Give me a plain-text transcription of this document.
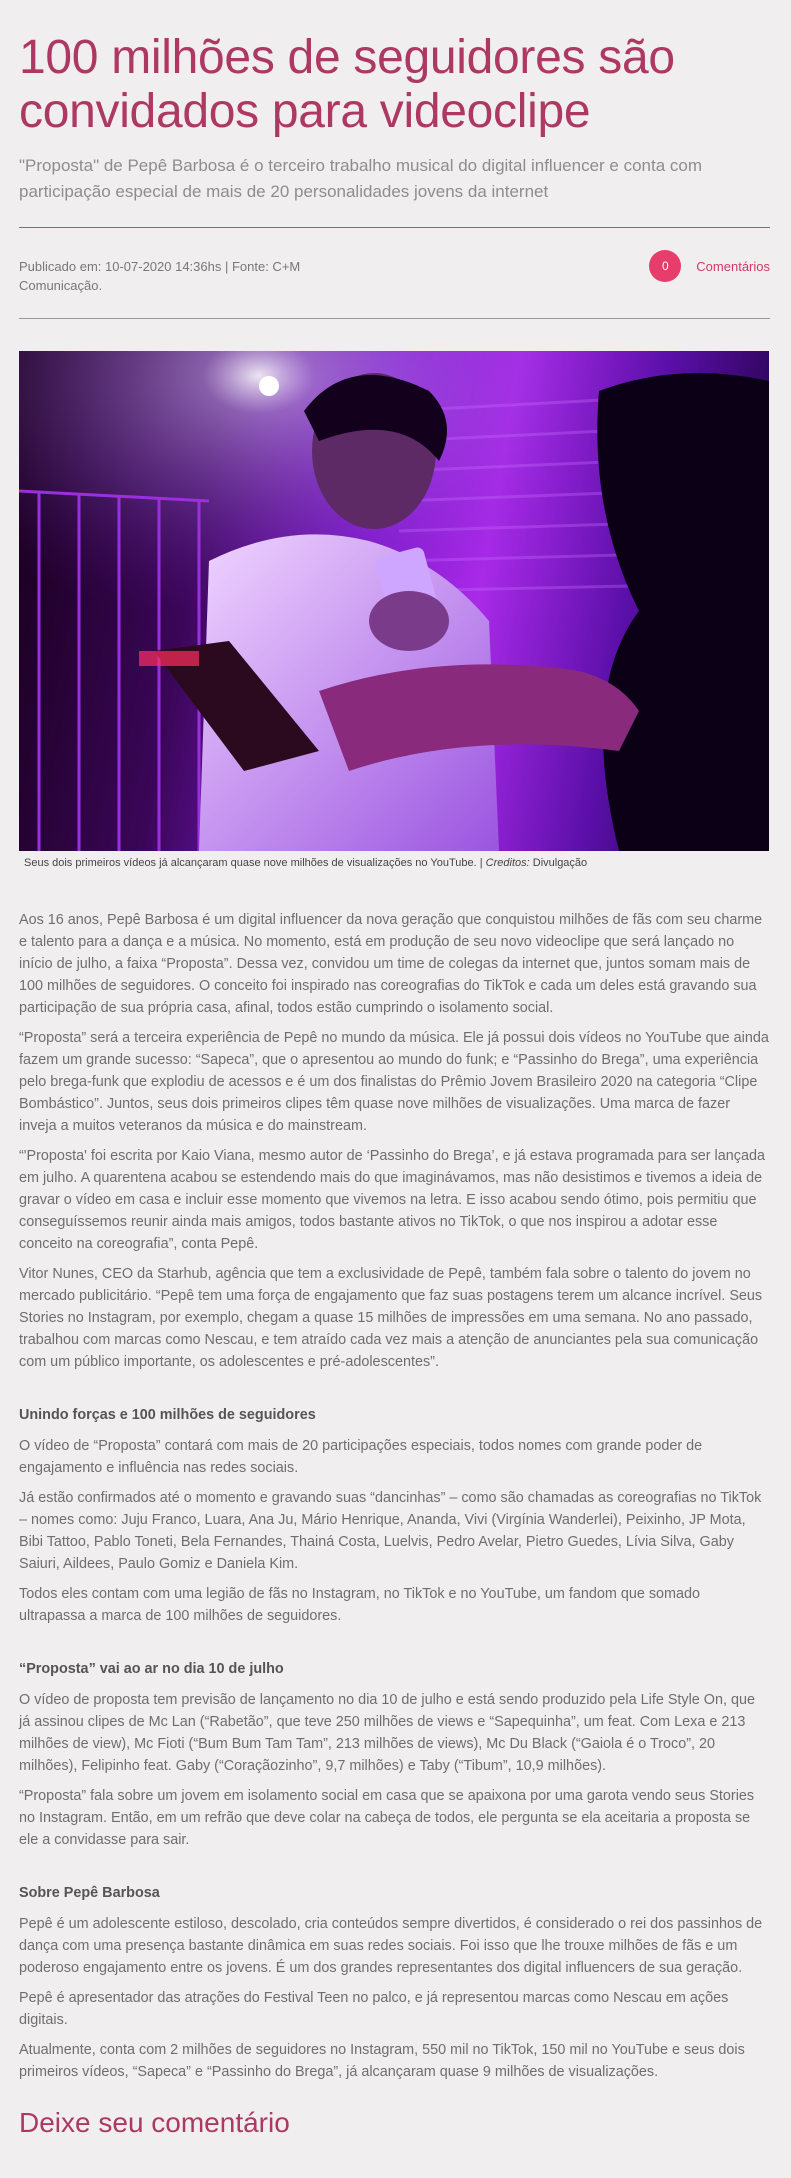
100 milhões de seguidores são convidados para videoclipe

"Proposta" de Pepê Barbosa é o terceiro trabalho musical do digital influencer e conta com participação especial de mais de 20 personalidades jovens da internet

Publicado em: 10-07-2020 14:36hs | Fonte: C+M Comunicação.
0	Comentários

Seus dois primeiros vídeos já alcançaram quase nove milhões de visualizações no YouTube. | Creditos: Divulgação

Aos 16 anos, Pepê Barbosa é um digital influencer da nova geração que conquistou milhões de fãs com seu charme e talento para a dança e a música. No momento, está em produção de seu novo videoclipe que será lançado no início de julho, a faixa “Proposta”. Dessa vez, convidou um time de colegas da internet que, juntos somam mais de 100 milhões de seguidores. O conceito foi inspirado nas coreografias do TikTok e cada um deles está gravando sua participação de sua própria casa, afinal, todos estão cumprindo o isolamento social.

“Proposta” será a terceira experiência de Pepê no mundo da música. Ele já possui dois vídeos no YouTube que ainda fazem um grande sucesso: “Sapeca”, que o apresentou ao mundo do funk; e “Passinho do Brega”, uma experiência pelo brega-funk que explodiu de acessos e é um dos finalistas do Prêmio Jovem Brasileiro 2020 na categoria “Clipe Bombástico”. Juntos, seus dois primeiros clipes têm quase nove milhões de visualizações. Uma marca de fazer inveja a muitos veteranos da música e do mainstream.

“'Proposta' foi escrita por Kaio Viana, mesmo autor de ‘Passinho do Brega’, e já estava programada para ser lançada em julho. A quarentena acabou se estendendo mais do que imaginávamos, mas não desistimos e tivemos a ideia de gravar o vídeo em casa e incluir esse momento que vivemos na letra. E isso acabou sendo ótimo, pois permitiu que conseguíssemos reunir ainda mais amigos, todos bastante ativos no TikTok, o que nos inspirou a adotar esse conceito na coreografia”, conta Pepê.

Vitor Nunes, CEO da Starhub, agência que tem a exclusividade de Pepê, também fala sobre o talento do jovem no mercado publicitário. “Pepê tem uma força de engajamento que faz suas postagens terem um alcance incrível. Seus Stories no Instagram, por exemplo, chegam a quase 15 milhões de impressões em uma semana. No ano passado, trabalhou com marcas como Nescau, e tem atraído cada vez mais a atenção de anunciantes pela sua comunicação com um público importante, os adolescentes e pré-adolescentes”.

Unindo forças e 100 milhões de seguidores

O vídeo de “Proposta” contará com mais de 20 participações especiais, todos nomes com grande poder de engajamento e influência nas redes sociais.

Já estão confirmados até o momento e gravando suas “dancinhas” – como são chamadas as coreografias no TikTok – nomes como: Juju Franco, Luara, Ana Ju, Mário Henrique, Ananda, Vivi (Virgínia Wanderlei), Peixinho, JP Mota, Bibi Tattoo, Pablo Toneti, Bela Fernandes, Thainá Costa, Luelvis, Pedro Avelar, Pietro Guedes, Lívia Silva, Gaby Saiuri, Aildees, Paulo Gomiz e Daniela Kim.

Todos eles contam com uma legião de fãs no Instagram, no TikTok e no YouTube, um fandom que somado ultrapassa a marca de 100 milhões de seguidores.

“Proposta” vai ao ar no dia 10 de julho

O vídeo de proposta tem previsão de lançamento no dia 10 de julho e está sendo produzido pela Life Style On, que já assinou clipes de Mc Lan (“Rabetão”, que teve 250 milhões de views e “Sapequinha”, um feat. Com Lexa e 213 milhões de view), Mc Fioti (“Bum Bum Tam Tam”, 213 milhões de views), Mc Du Black (“Gaiola é o Troco”, 20 milhões), Felipinho feat. Gaby (“Coraçãozinho”, 9,7 milhões) e Taby (“Tibum”, 10,9 milhões).

“Proposta” fala sobre um jovem em isolamento social em casa que se apaixona por uma garota vendo seus Stories no Instagram. Então, em um refrão que deve colar na cabeça de todos, ele pergunta se ela aceitaria a proposta se ele a convidasse para sair.

Sobre Pepê Barbosa

Pepê é um adolescente estiloso, descolado, cria conteúdos sempre divertidos, é considerado o rei dos passinhos de dança com uma presença bastante dinâmica em suas redes sociais. Foi isso que lhe trouxe milhões de fãs e um poderoso engajamento entre os jovens. É um dos grandes representantes dos digital influencers de sua geração.

Pepê é apresentador das atrações do Festival Teen no palco, e já representou marcas como Nescau em ações digitais.

Atualmente, conta com 2 milhões de seguidores no Instagram, 550 mil no TikTok, 150 mil no YouTube e seus dois primeiros vídeos, “Sapeca” e “Passinho do Brega”, já alcançaram quase 9 milhões de visualizações.

Deixe seu comentário
